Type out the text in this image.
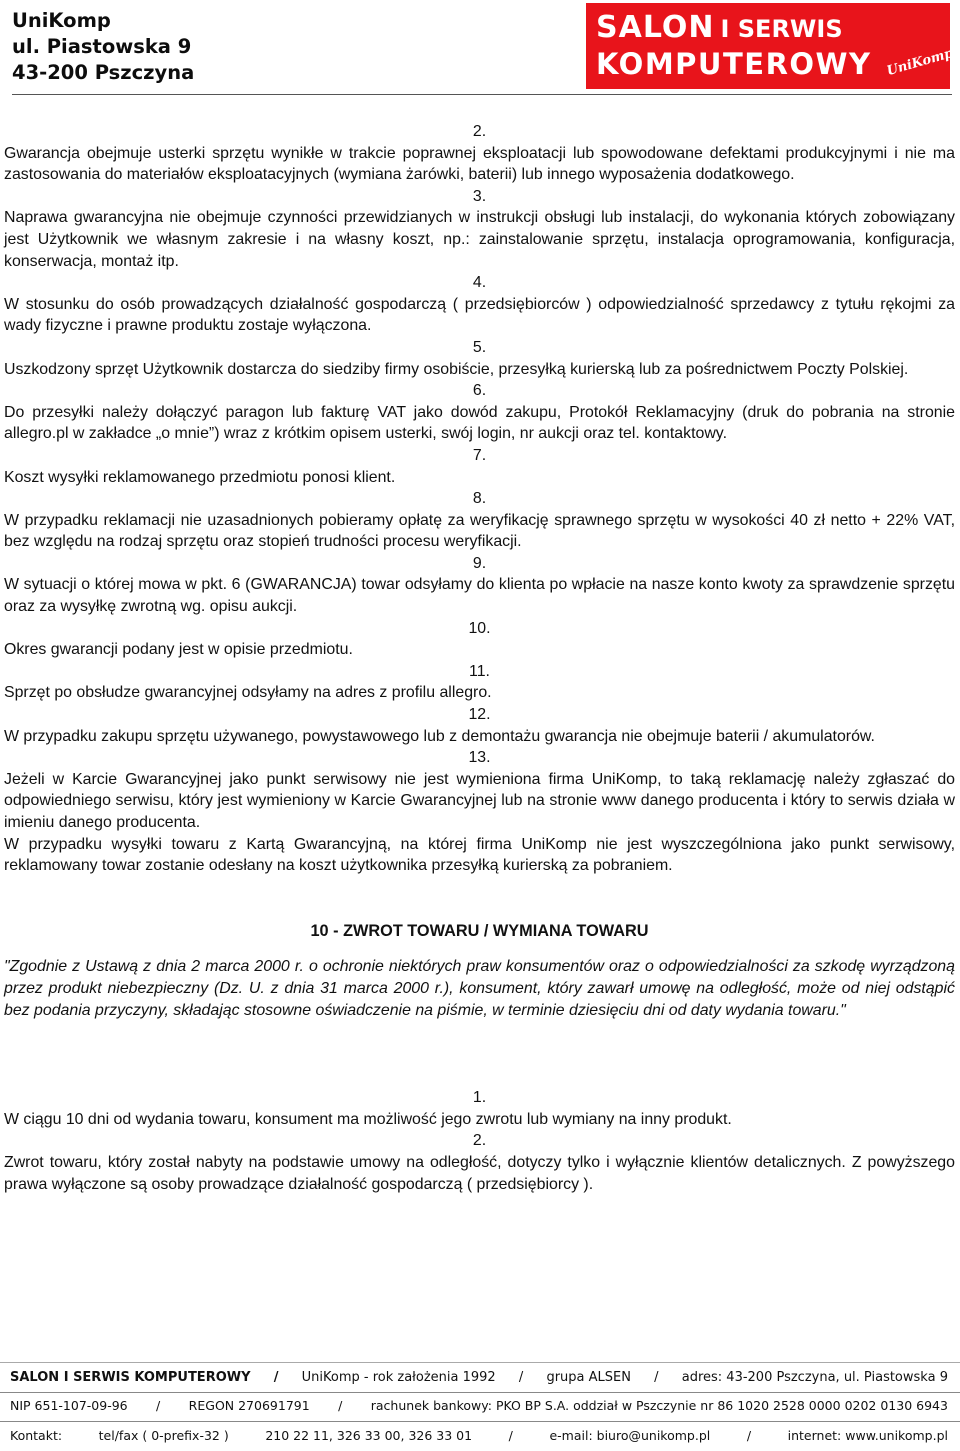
UniKomp
ul. Piastowska 9
43-200 Pszczyna
SALON I SERWIS
KOMPUTEROWY UniKomp
2.
Gwarancja obejmuje usterki sprzętu wynikłe w trakcie poprawnej eksploatacji lub spowodowane defektami produkcyjnymi i nie ma zastosowania do materiałów eksploatacyjnych (wymiana żarówki, baterii) lub innego wyposażenia dodatkowego.
3.
Naprawa gwarancyjna nie obejmuje czynności przewidzianych w instrukcji obsługi lub instalacji, do wykonania których zobowiązany jest Użytkownik we własnym zakresie i na własny koszt, np.: zainstalowanie sprzętu, instalacja oprogramowania, konfiguracja, konserwacja, montaż itp.
4.
W stosunku do osób prowadzących działalność gospodarczą ( przedsiębiorców ) odpowiedzialność sprzedawcy z tytułu rękojmi za wady fizyczne i prawne produktu zostaje wyłączona.
5.
Uszkodzony sprzęt Użytkownik dostarcza do siedziby firmy osobiście, przesyłką kurierską lub za pośrednictwem Poczty Polskiej.
6.
Do przesyłki należy dołączyć paragon lub fakturę VAT jako dowód zakupu, Protokół Reklamacyjny (druk do pobrania na stronie allegro.pl w zakładce „o mnie”) wraz z krótkim opisem usterki, swój login, nr aukcji oraz tel. kontaktowy.
7.
Koszt wysyłki reklamowanego przedmiotu ponosi klient.
8.
W przypadku reklamacji nie uzasadnionych pobieramy opłatę za weryfikację sprawnego sprzętu w wysokości 40 zł netto + 22% VAT, bez względu na rodzaj sprzętu oraz stopień trudności procesu weryfikacji.
9.
W sytuacji o której mowa w pkt. 6 (GWARANCJA) towar odsyłamy do klienta po wpłacie na nasze konto kwoty za sprawdzenie sprzętu oraz za wysyłkę zwrotną wg. opisu aukcji.
10.
Okres gwarancji podany jest w opisie przedmiotu.
11.
Sprzęt po obsłudze gwarancyjnej odsyłamy na adres z profilu allegro.
12.
W przypadku zakupu sprzętu używanego, powystawowego lub z demontażu gwarancja nie obejmuje baterii / akumulatorów.
13.
Jeżeli w Karcie Gwarancyjnej jako punkt serwisowy nie jest wymieniona firma UniKomp, to taką reklamację należy zgłaszać do odpowiedniego serwisu, który jest wymieniony w Karcie Gwarancyjnej lub na stronie www danego producenta i który to serwis działa w imieniu danego producenta.
W przypadku wysyłki towaru z Kartą Gwarancyjną, na której firma UniKomp nie jest wyszczególniona jako punkt serwisowy, reklamowany towar zostanie odesłany na koszt użytkownika przesyłką kurierską za pobraniem.
10 - ZWROT TOWARU / WYMIANA TOWARU
"Zgodnie z Ustawą z dnia 2 marca 2000 r. o ochronie niektórych praw konsumentów oraz o odpowiedzialności za szkodę wyrządzoną przez produkt niebezpieczny (Dz. U. z dnia 31 marca 2000 r.), konsument, który zawarł umowę na odległość, może od niej odstąpić bez podania przyczyny, składając stosowne oświadczenie na piśmie, w terminie dziesięciu dni od daty wydania towaru."
1.
W ciągu 10 dni od wydania towaru, konsument ma możliwość jego zwrotu lub wymiany na inny produkt.
2.
Zwrot towaru, który został nabyty na podstawie umowy na odległość, dotyczy tylko i wyłącznie klientów detalicznych. Z powyższego prawa wyłączone są osoby prowadzące działalność gospodarczą ( przedsiębiorcy ).
SALON I SERWIS KOMPUTEROWY / UniKomp - rok założenia 1992 / grupa ALSEN / adres: 43-200 Pszczyna, ul. Piastowska 9
NIP 651-107-09-96 / REGON 270691791 / rachunek bankowy: PKO BP S.A. oddział w Pszczynie nr 86 1020 2528 0000 0202 0130 6943
Kontakt:	tel/fax ( 0-prefix-32 )	210 22 11, 326 33 00, 326 33 01	/	e-mail: biuro@unikomp.pl	/	internet: www.unikomp.pl
